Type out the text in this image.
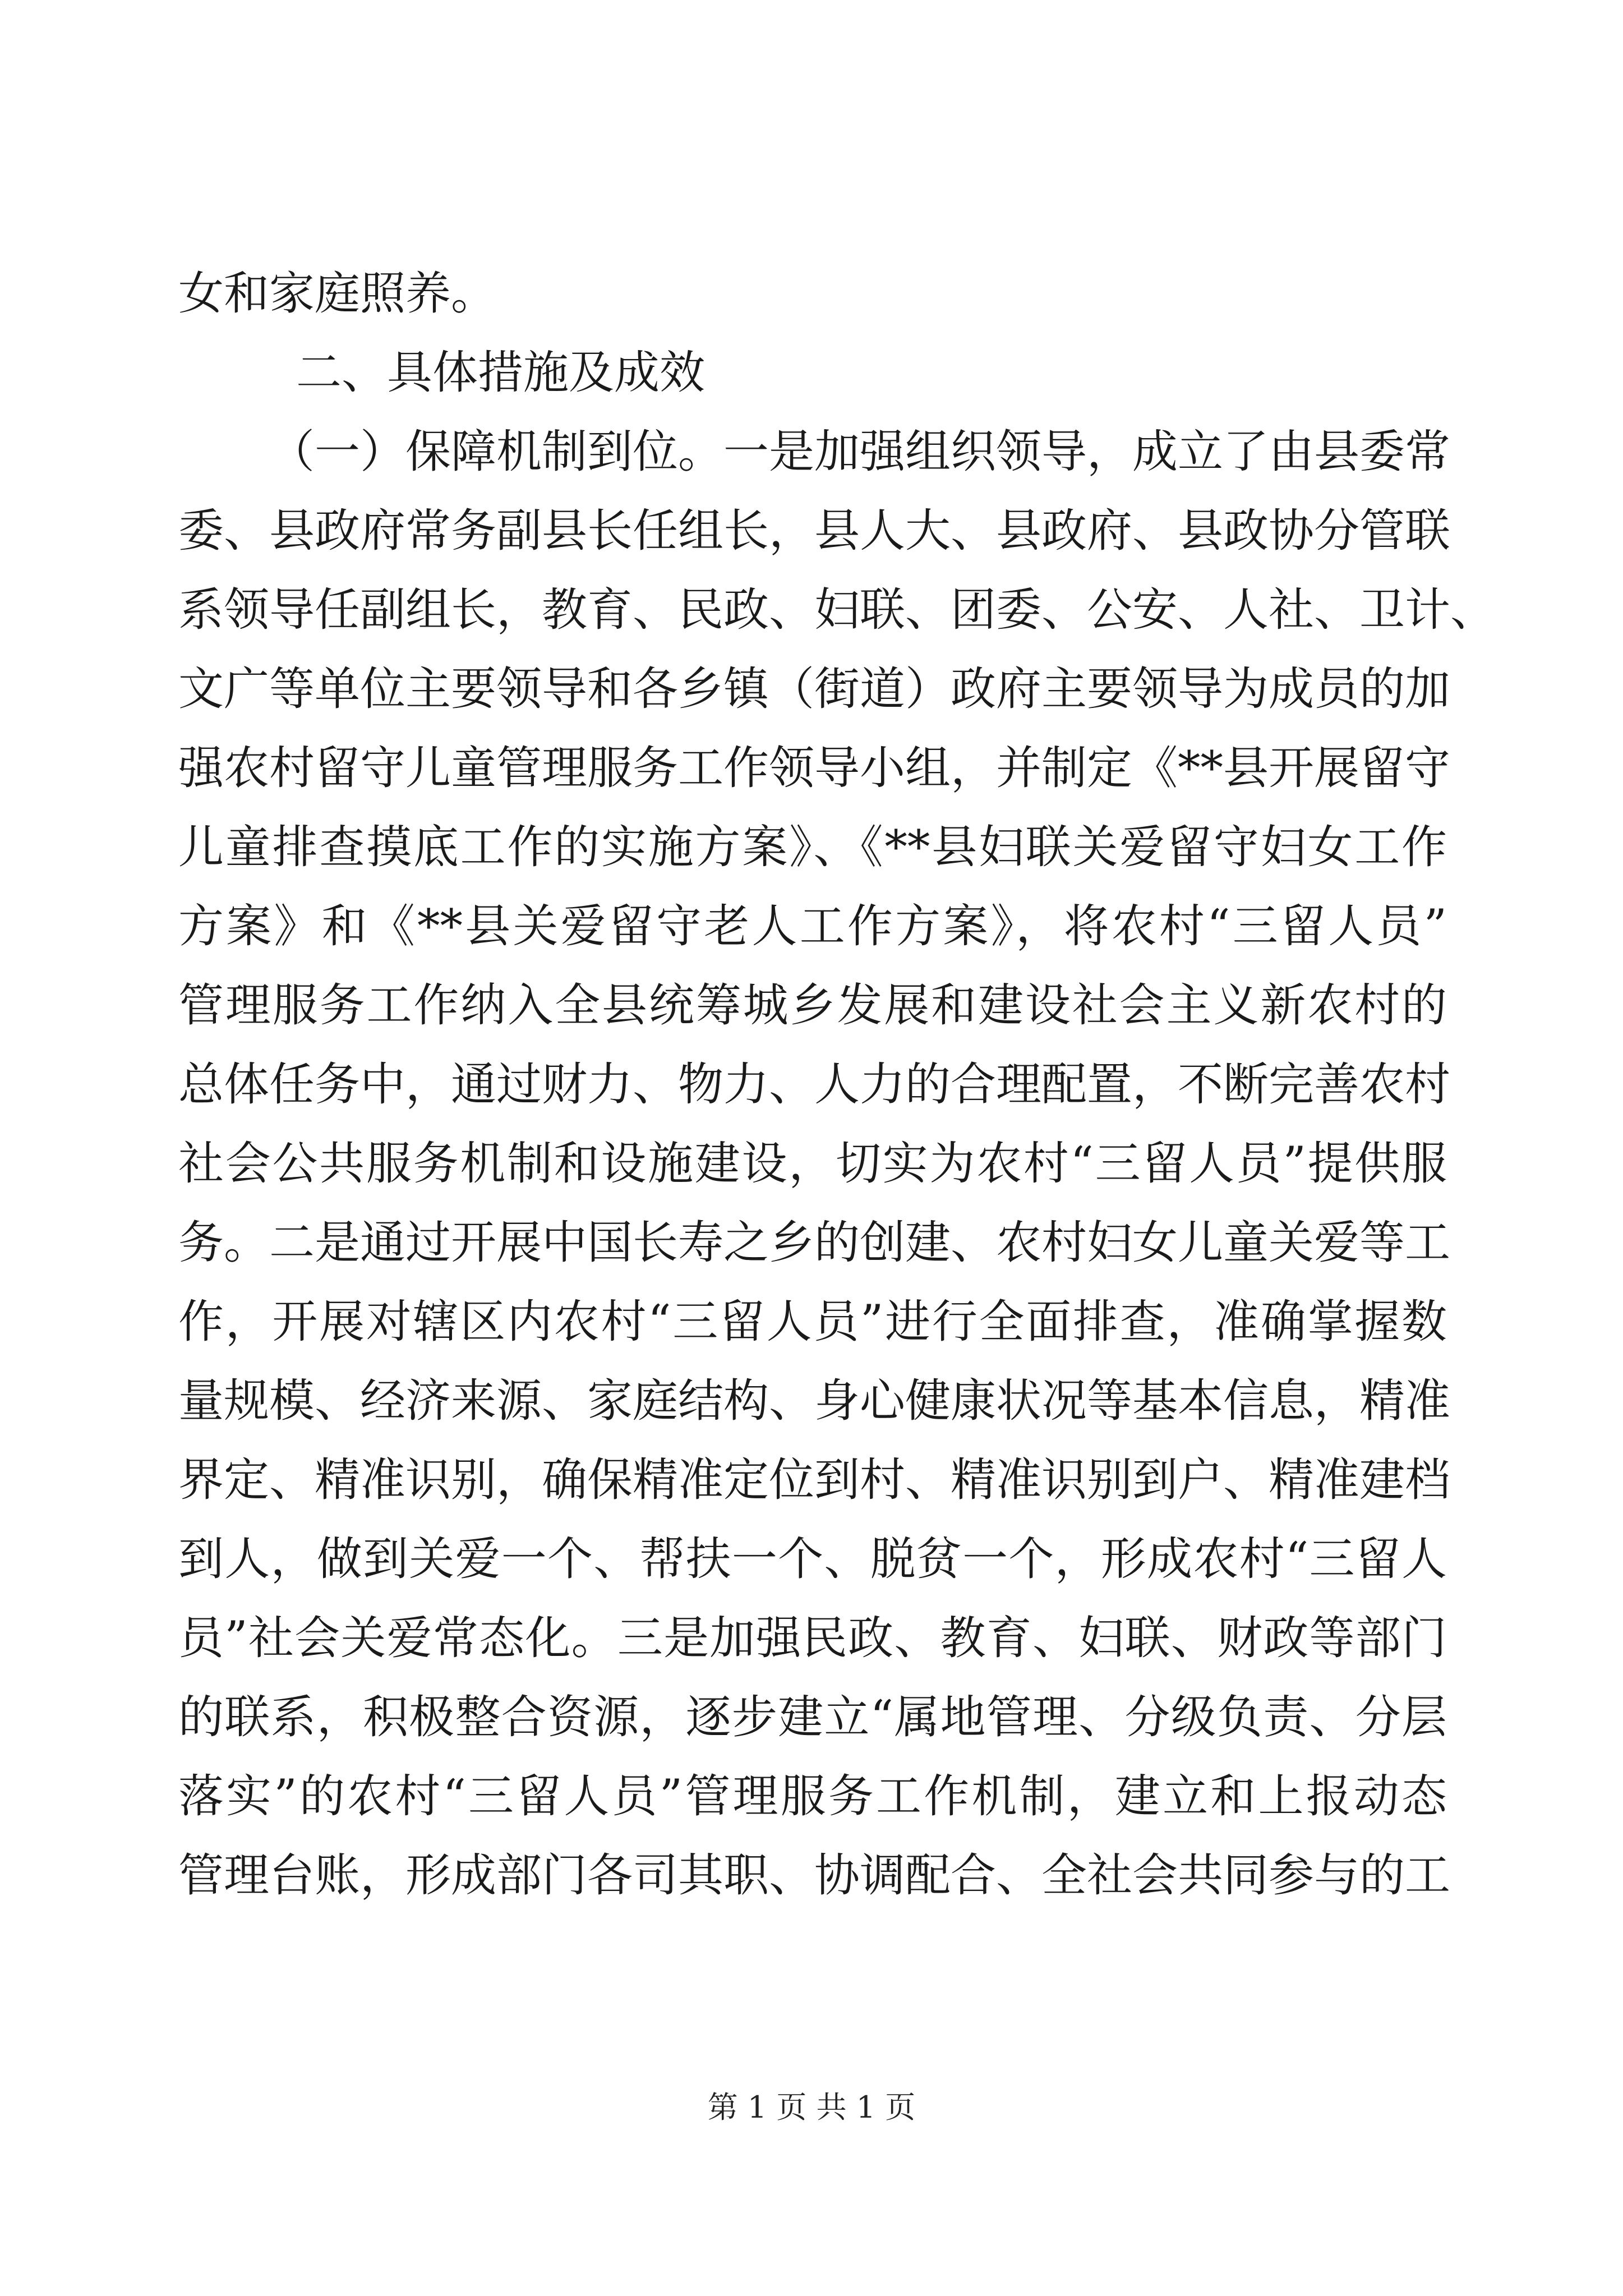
女和家庭照养。
二、具体措施及成效
（一）保障机制到位。一是加强组织领导，成立了由县委常
委、县政府常务副县长任组长，县人大、县政府、县政协分管联
系领导任副组长，教育、民政、妇联、团委、公安、人社、卫计、
文广等单位主要领导和各乡镇（街道）政府主要领导为成员的加
强农村留守儿童管理服务工作领导小组，并制定《**县开展留守
儿童排查摸底工作的实施方案》、《**县妇联关爱留守妇女工作
方案》和《**县关爱留守老人工作方案》，将农村“三留人员”
管理服务工作纳入全县统筹城乡发展和建设社会主义新农村的
总体任务中，通过财力、物力、人力的合理配置，不断完善农村
社会公共服务机制和设施建设，切实为农村“三留人员”提供服
务。二是通过开展中国长寿之乡的创建、农村妇女儿童关爱等工
作，开展对辖区内农村“三留人员”进行全面排查，准确掌握数
量规模、经济来源、家庭结构、身心健康状况等基本信息，精准
界定、精准识别，确保精准定位到村、精准识别到户、精准建档
到人，做到关爱一个、帮扶一个、脱贫一个，形成农村“三留人
员”社会关爱常态化。三是加强民政、教育、妇联、财政等部门
的联系，积极整合资源，逐步建立“属地管理、分级负责、分层
落实”的农村“三留人员”管理服务工作机制，建立和上报动态
管理台账，形成部门各司其职、协调配合、全社会共同参与的工
第 1 页 共 1 页
